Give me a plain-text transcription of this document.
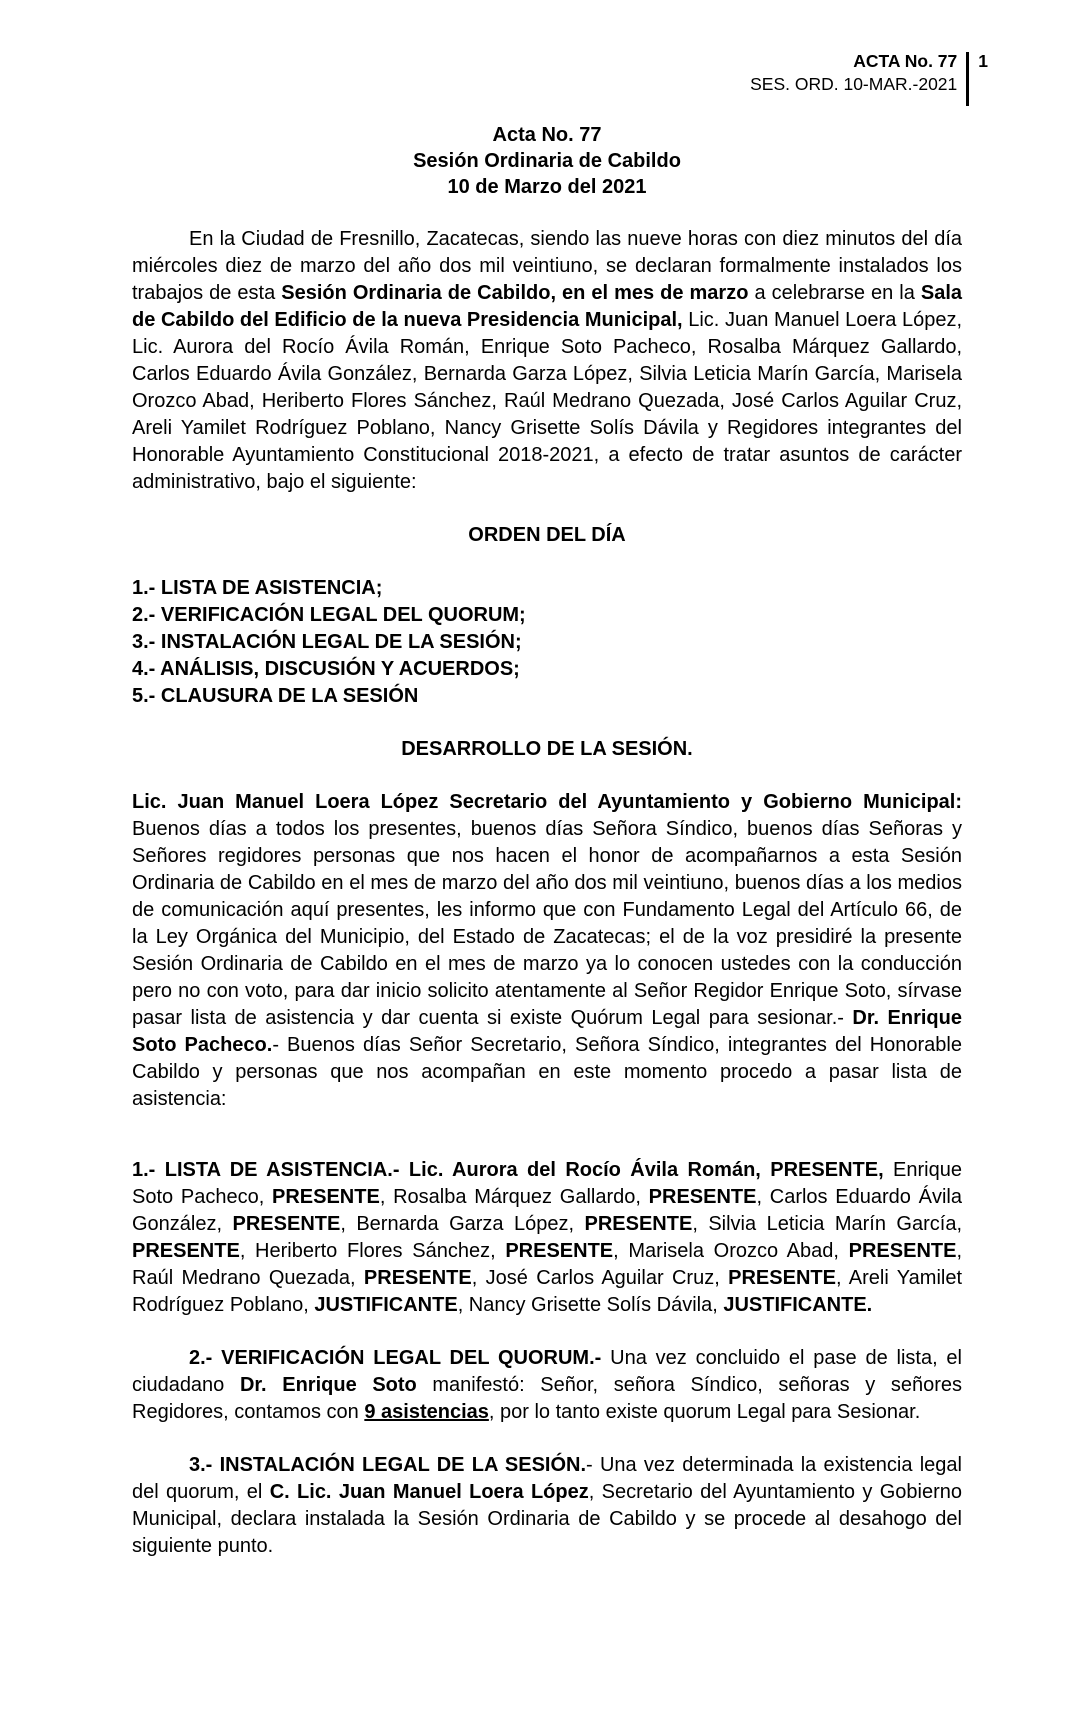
ACTA No. 77
SES. ORD. 10-MAR.-2021
1
Acta No. 77
Sesión Ordinaria de Cabildo
10 de Marzo del 2021

En la Ciudad de Fresnillo, Zacatecas, siendo las nueve horas con diez minutos del día miércoles diez de marzo del año dos mil veintiuno, se declaran formalmente instalados los trabajos de esta Sesión Ordinaria de Cabildo, en el mes de marzo a celebrarse en la Sala de Cabildo del Edificio de la nueva Presidencia Municipal, Lic. Juan Manuel Loera López, Lic. Aurora del Rocío Ávila Román, Enrique Soto Pacheco, Rosalba Márquez Gallardo, Carlos Eduardo Ávila González, Bernarda Garza López, Silvia Leticia Marín García, Marisela Orozco Abad, Heriberto Flores Sánchez, Raúl Medrano Quezada, José Carlos Aguilar Cruz, Areli Yamilet Rodríguez Poblano, Nancy Grisette Solís Dávila y Regidores integrantes del Honorable Ayuntamiento Constitucional 2018-2021, a efecto de tratar asuntos de carácter administrativo, bajo el siguiente:

ORDEN DEL DÍA

1.- LISTA DE ASISTENCIA;
2.- VERIFICACIÓN LEGAL DEL QUORUM;
3.- INSTALACIÓN LEGAL DE LA SESIÓN;
4.- ANÁLISIS, DISCUSIÓN Y ACUERDOS;
5.- CLAUSURA DE LA SESIÓN

DESARROLLO DE LA SESIÓN.

Lic. Juan Manuel Loera López Secretario del Ayuntamiento y Gobierno Municipal: Buenos días a todos los presentes, buenos días Señora Síndico, buenos días Señoras y Señores regidores personas que nos hacen el honor de acompañarnos a esta Sesión Ordinaria de Cabildo en el mes de marzo del año dos mil veintiuno, buenos días a los medios de comunicación aquí presentes, les informo que con Fundamento Legal del Artículo 66, de la Ley Orgánica del Municipio, del Estado de Zacatecas; el de la voz presidiré la presente Sesión Ordinaria de Cabildo en el mes de marzo ya lo conocen ustedes con la conducción pero no con voto, para dar inicio solicito atentamente al Señor Regidor Enrique Soto, sírvase pasar lista de asistencia y dar cuenta si existe Quórum Legal para sesionar.- Dr. Enrique Soto Pacheco.- Buenos días Señor Secretario, Señora Síndico, integrantes del Honorable Cabildo y personas que nos acompañan en este momento procedo a pasar lista de asistencia:

1.- LISTA DE ASISTENCIA.- Lic. Aurora del Rocío Ávila Román, PRESENTE, Enrique Soto Pacheco, PRESENTE, Rosalba Márquez Gallardo, PRESENTE, Carlos Eduardo Ávila González, PRESENTE, Bernarda Garza López, PRESENTE, Silvia Leticia Marín García, PRESENTE, Heriberto Flores Sánchez, PRESENTE, Marisela Orozco Abad, PRESENTE, Raúl Medrano Quezada, PRESENTE, José Carlos Aguilar Cruz, PRESENTE, Areli Yamilet Rodríguez Poblano, JUSTIFICANTE, Nancy Grisette Solís Dávila, JUSTIFICANTE.

2.- VERIFICACIÓN LEGAL DEL QUORUM.- Una vez concluido el pase de lista, el ciudadano Dr. Enrique Soto manifestó: Señor, señora Síndico, señoras y señores Regidores, contamos con 9 asistencias, por lo tanto existe quorum Legal para Sesionar.

3.- INSTALACIÓN LEGAL DE LA SESIÓN.- Una vez determinada la existencia legal del quorum, el C. Lic. Juan Manuel Loera López, Secretario del Ayuntamiento y Gobierno Municipal, declara instalada la Sesión Ordinaria de Cabildo y se procede al desahogo del siguiente punto.
